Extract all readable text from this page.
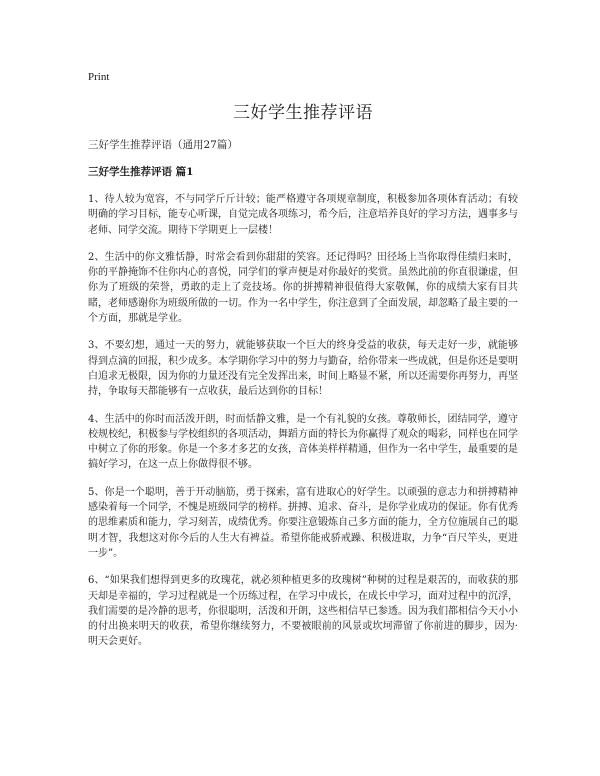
Print
三好学生推荐评语

三好学生推荐评语（通用27篇）

三好学生推荐评语 篇1

1、待人较为宽容，不与同学斤斤计较；能严格遵守各项规章制度，积极参加各项体育活动；有较明确的学习目标，能专心听课，自觉完成各项练习，希今后，注意培养良好的学习方法，遇事多与老师、同学交流。期待下学期更上一层楼！

2、生活中的你文雅恬静，时常会看到你甜甜的笑容。还记得吗？田径场上当你取得佳绩归来时，你的平静掩饰不住你内心的喜悦，同学们的掌声便是对你最好的奖赏。虽然此前的你直很谦虚，但你为了班级的荣誉，勇敢的走上了竞技场。你的拼搏精神很值得大家敬佩，你的成绩大家有目共睹，老师感谢你为班级所做的一切。作为一名中学生，你注意到了全面发展，却忽略了最主要的一个方面，那就是学业。

3、不要幻想，通过一天的努力，就能够获取一个巨大的终身受益的收获，每天走好一步，就能够得到点滴的回报，积少成多。本学期你学习中的努力与勤奋，给你带来一些成就，但是你还是要明白追求无极限，因为你的力量还没有完全发挥出来，时间上略显不紧，所以还需要你再努力，再坚持，争取每天都能够有一点收获，最后达到你的目标！

4、生活中的你时而活泼开朗，时而恬静文雅，是一个有礼貌的女孩。尊敬师长，团结同学，遵守校规校纪，积极参与学校组织的各项活动，舞蹈方面的特长为你赢得了观众的喝彩，同样也在同学中树立了你的形象。你是一个多才多艺的女孩，音体美样样精通，但作为一名中学生，最重要的是搞好学习，在这一点上你做得很不够。

5、你是一个聪明，善于开动脑筋，勇于探索，富有进取心的好学生。以顽强的意志力和拼搏精神感染着每一个同学，不愧是班级同学的榜样。拼搏、追求、奋斗，是你学业成功的保证。你有优秀的思维素质和能力，学习刻苦，成绩优秀。你要注意锻炼自己多方面的能力，全方位施展自己的聪明才智，我想这对你今后的人生大有裨益。希望你能戒骄戒躁、积极进取，力争“百尺竿头，更进一步”。

6、“如果我们想得到更多的玫瑰花，就必须种植更多的玫瑰树”种树的过程是艰苦的，而收获的那天却是幸福的，学习过程就是一个历练过程，在学习中成长，在成长中学习，面对过程中的沉浮，我们需要的是冷静的思考，你很聪明，活泼和开朗，这些相信早已参透。因为我们都相信今天小小的付出换来明天的收获，希望你继续努力，不要被眼前的风景或坎坷滞留了你前进的脚步，因为·明天会更好。
